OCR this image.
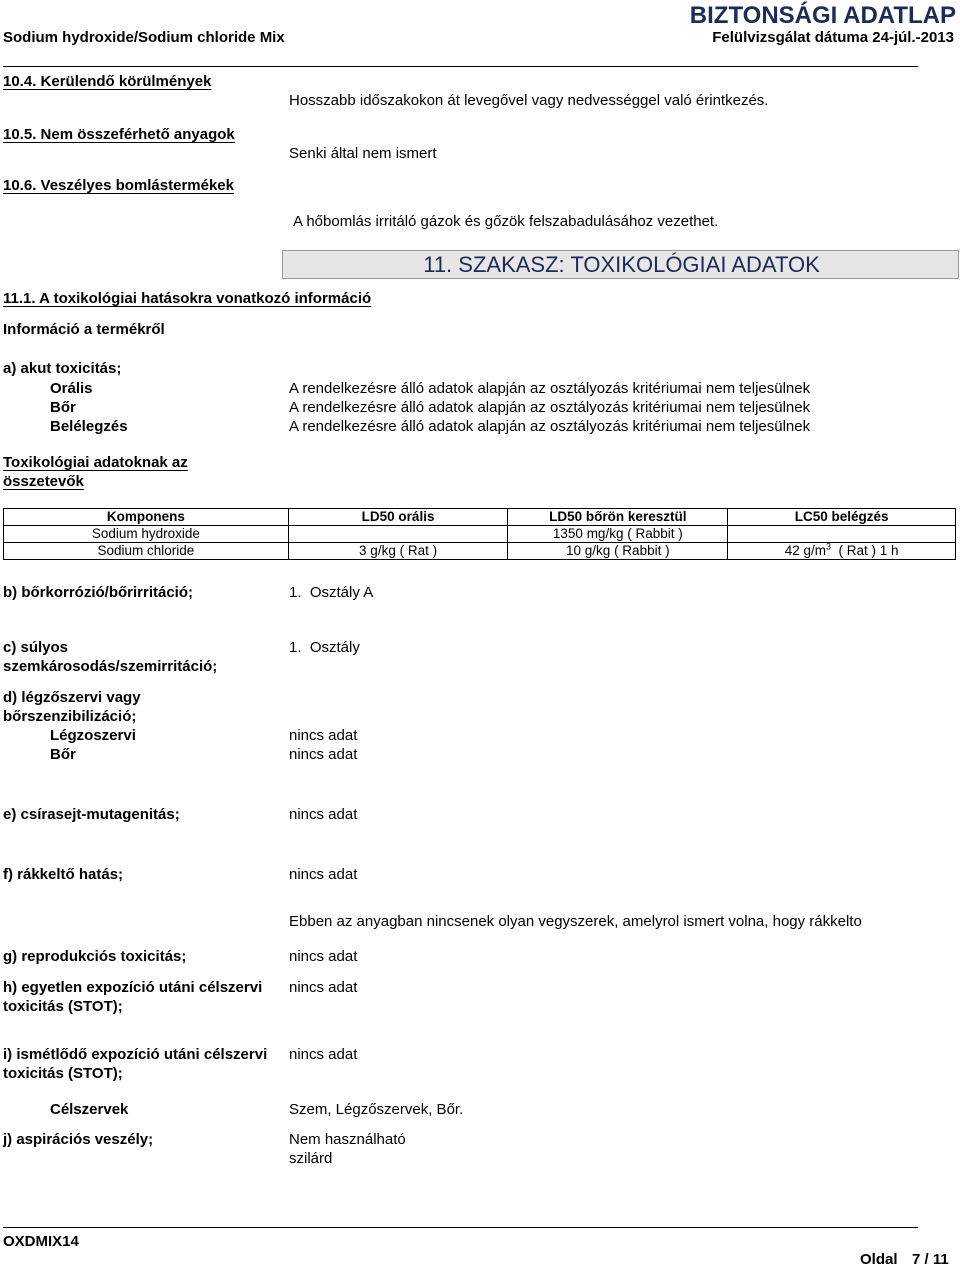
BIZTONSÁGI ADATLAP
Sodium hydroxide/Sodium chloride Mix	Felülvizsgálat dátuma 24-júl.-2013
10.4. Kerülendő körülmények
Hosszabb időszakokon át levegővel vagy nedvességgel való érintkezés.
10.5. Nem összeférhető anyagok
Senki által nem ismert
10.6. Veszélyes bomlástermékek
A hőbomlás irritáló gázok és gőzök felszabadulásához vezethet.
11. SZAKASZ: TOXIKOLÓGIAI ADATOK
11.1. A toxikológiai hatásokra vonatkozó információ
Információ a termékről
a) akut toxicitás;
Orális
Bőr
Belélegzés
A rendelkezésre álló adatok alapján az osztályozás kritériumai nem teljesülnek
A rendelkezésre álló adatok alapján az osztályozás kritériumai nem teljesülnek
A rendelkezésre álló adatok alapján az osztályozás kritériumai nem teljesülnek
Toxikológiai adatoknak az
összetevők
Komponens	LD50 orális	LD50 bőrön keresztül	LC50 belégzés
Sodium hydroxide		1350 mg/kg ( Rabbit )	
Sodium chloride	3 g/kg ( Rat )	10 g/kg ( Rabbit )	42 $g/m^3$  ( Rat ) 1 h
b) bőrkorrózió/bőrirritáció;	1.  Osztály A
c) súlyos
szemkárosodás/szemirritáció;
1.  Osztály
d) légzőszervi vagy
bőrszenzibilizáció;
Légzoszervi
Bőr
nincs adat
nincs adat
e) csírasejt-mutagenitás;	nincs adat
f) rákkeltő hatás;	nincs adat
Ebben az anyagban nincsenek olyan vegyszerek, amelyrol ismert volna, hogy rákkelto
g) reprodukciós toxicitás;	nincs adat
h) egyetlen expozíció utáni célszervi
toxicitás (STOT);
nincs adat
i) ismétlődő expozíció utáni célszervi
toxicitás (STOT);
nincs adat
Célszervek	Szem, Légzőszervek, Bőr.
j) aspirációs veszély;	Nem használható
szilárd
OXDMIX14
Oldal 7 / 11
